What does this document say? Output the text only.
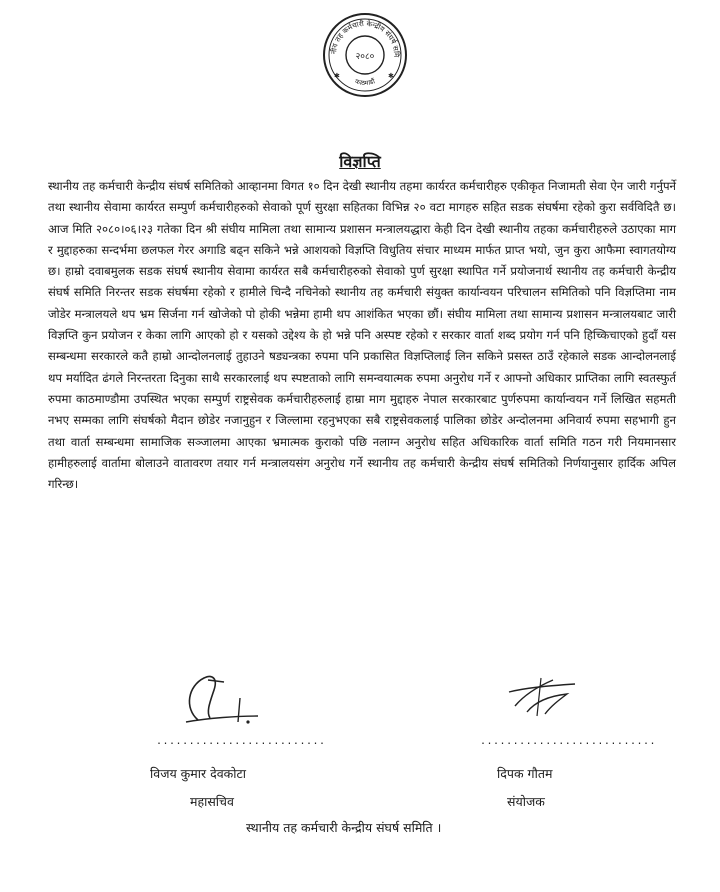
नीय तह कर्मचारी केन्द्रीय संघर्ष समि
काठमाडौं
२०८०
✱	✱
विज्ञप्ति
स्थानीय तह कर्मचारी केन्द्रीय संघर्ष समितिको आव्हानमा विगत १० दिन देखी स्थानीय तहमा कार्यरत कर्मचारीहरु एकीकृत निजामती सेवा ऐन जारी गर्नुपर्ने तथा स्थानीय सेवामा कार्यरत सम्पुर्ण कर्मचारीहरुको सेवाको पूर्ण सुरक्षा सहितका विभिन्न २० वटा मागहरु सहित सडक संघर्षमा रहेको कुरा सर्वविदितै छ। आज मिति २०८०।०६।२३ गतेका दिन श्री संघीय मामिला तथा सामान्य प्रशासन मन्त्रालयद्धारा केही दिन देखी स्थानीय तहका कर्मचारीहरुले उठाएका माग र मुद्दाहरुका सन्दर्भमा छलफल गेरर अगाडि बढ्न सकिने भन्ने आशयको विज्ञप्ति विधुतिय संचार माध्यम मार्फत प्राप्त भयो, जुन कुरा आफैमा स्वागतयोग्य छ। हाम्रो दवाबमुलक सडक संघर्ष स्थानीय सेवामा कार्यरत सबै कर्मचारीहरुको सेवाको पुर्ण सुरक्षा स्थापित गर्ने प्रयोजनार्थ स्थानीय तह कर्मचारी केन्द्रीय संघर्ष समिति निरन्तर सडक संघर्षमा रहेको र हामीले चिन्दै नचिनेको स्थानीय तह कर्मचारी संयुक्त कार्यान्वयन परिचालन समितिको पनि विज्ञप्तिमा नाम जोडेर मन्त्रालयले थप भ्रम सिर्जना गर्न खोजेको पो होकी भन्नेमा हामी थप आशंकित भएका छौं। संघीय मामिला तथा सामान्य प्रशासन मन्त्रालयबाट जारी विज्ञप्ति कुन प्रयोजन र केका लागि आएको हो र यसको उद्देश्य के हो भन्ने पनि अस्पष्ट रहेको र सरकार वार्ता शब्द प्रयोग गर्न पनि हिच्किचाएको हुदाँ यस सम्बन्धमा सरकारले कतै हाम्रो आन्दोलनलाई तुहाउने षड्यन्त्रका रुपमा पनि प्रकासित विज्ञप्तिलाई लिन सकिने प्रसस्त ठाउँ रहेकाले सडक आन्दोलनलाई थप मर्यादित ढंगले निरन्तरता दिनुका साथै सरकारलाई थप स्पष्टताको लागि समन्वयात्मक रुपमा अनुरोध गर्ने र आफ्नो अधिकार प्राप्तिका लागि स्वतस्फुर्त रुपमा काठमाण्डौमा उपस्थित भएका सम्पुर्ण राष्ट्रसेवक कर्मचारीहरुलाई हाम्रा माग मुद्दाहरु नेपाल सरकारबाट पुर्णरुपमा कार्यान्वयन गर्ने लिखित सहमती नभए सम्मका लागि संघर्षको मैदान छोडेर नजानुहुन र जिल्लामा रहनुभएका सबै राष्ट्रसेवकलाई पालिका छोडेर अन्दोलनमा अनिवार्य रुपमा सहभागी हुन तथा वार्ता सम्बन्धमा सामाजिक सञ्जालमा आएका भ्रमात्मक कुराको पछि नलाग्न अनुरोध सहित अधिकारिक वार्ता समिति गठन गरी नियमानसार हामीहरुलाई वार्तामा बोलाउने वातावरण तयार गर्न मन्त्रालयसंग अनुरोध गर्ने स्थानीय तह कर्मचारी केन्द्रीय संघर्ष समितिको निर्णयानुसार हार्दिक अपिल गरिन्छ।
..........................	...........................
विजय कुमार देवकोटा	दिपक गौतम
महासचिव	संयोजक
स्थानीय तह कर्मचारी केन्द्रीय संघर्ष समिति ।
